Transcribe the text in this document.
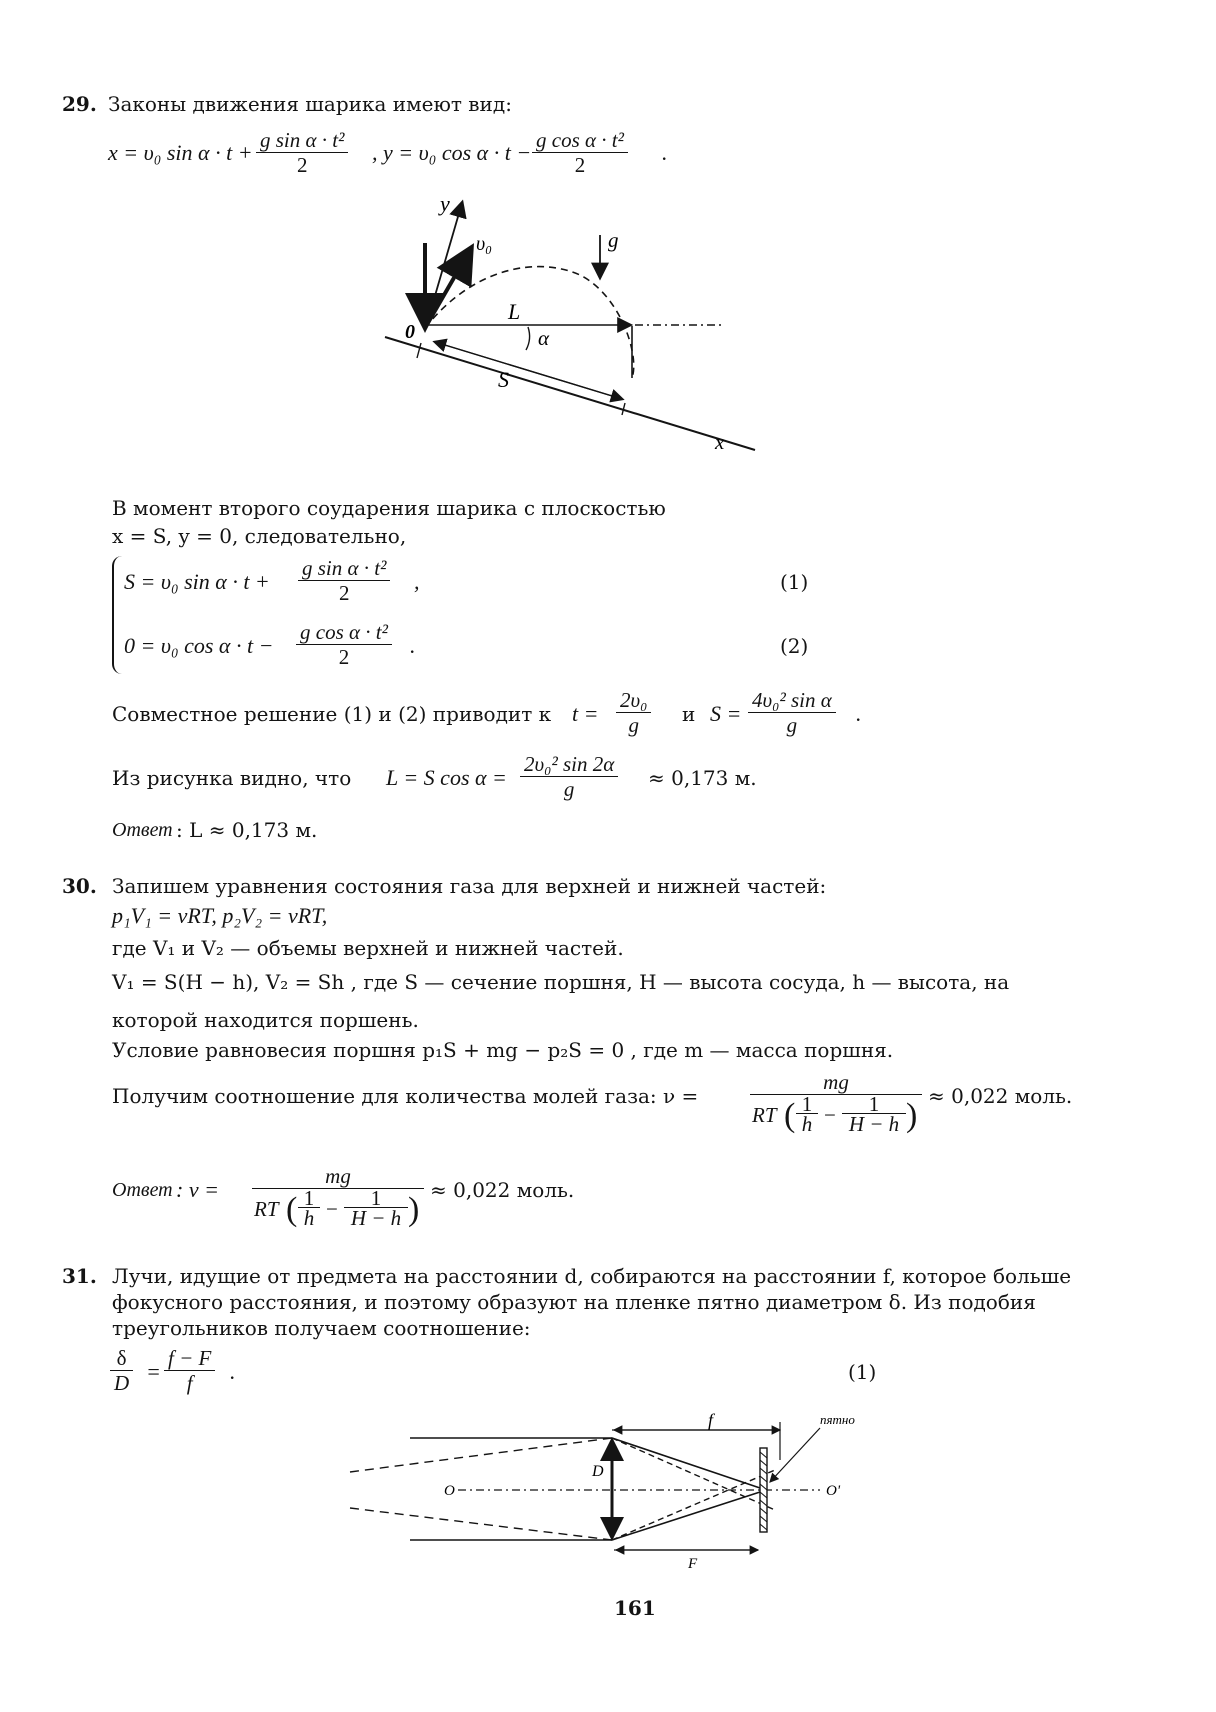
29. Законы движения шарика имеют вид:
x = υ₀ $\sin \alpha \cdot t + \frac{\text{g sin α · t²}}{2}$ , y = υ₀ $\cos \alpha \cdot t - \frac{\text{g cos α · t²}}{2}$ .
y
υ₀	g⃗
L
α
S
x
0
В момент второго соударения шарика с плоскостью
x = S, y = 0, следовательно,
S = υ₀ $\sin \alpha \cdot t + \frac{\text{g sin α · t²}}{2}$ ,	(1)
0 = υ₀ $\cos \alpha \cdot t - \frac{\text{g cos α · t²}}{2}$ .	(2)
Совместное решение (1) и (2) приводит к $t = \frac{\text{2υ₀}}{g}$ и $S = \frac{\text{4υ₀² sin α}}{g}$ .
Из рисунка видно, что L = S $\cos \alpha = \frac{\text{2υ₀² sin 2α}}{g} \approx 0,173$ м.
Ответ : L ≈ 0,173 м.
30. Запишем уравнения состояния газа для верхней и нижней частей:
p₁V₁ = νRT, p₂V₂ = νRT,
где V₁ и V₂ — объемы верхней и нижней частей.
V₁ = S(H − h), V₂ = Sh , где S — сечение поршня, H — высота сосуда, h — высота, на
которой находится поршень.
Условие равновесия поршня p₁S + mg − p₂S = 0 , где m — масса поршня.
Получим соотношение для количества молей газа: ν =
mg
RT ( $\frac{1}{h} - \frac{1}{H - h}$ )
≈ 0,022 моль.
Ответ : ν =
mg
RT ( $\frac{1}{h} - \frac{1}{H - h}$ )
≈ 0,022 моль.
31. Лучи, идущие от предмета на расстоянии d, собираются на расстоянии f, которое больше
фокусного расстояния, и поэтому образуют на пленке пятно диаметром δ. Из подобия
треугольников получаем соотношение:
$\frac{\delta}{D} = \frac{f - F}{f}$ .	(1)
f
D
F
O	O'
пятно
161
